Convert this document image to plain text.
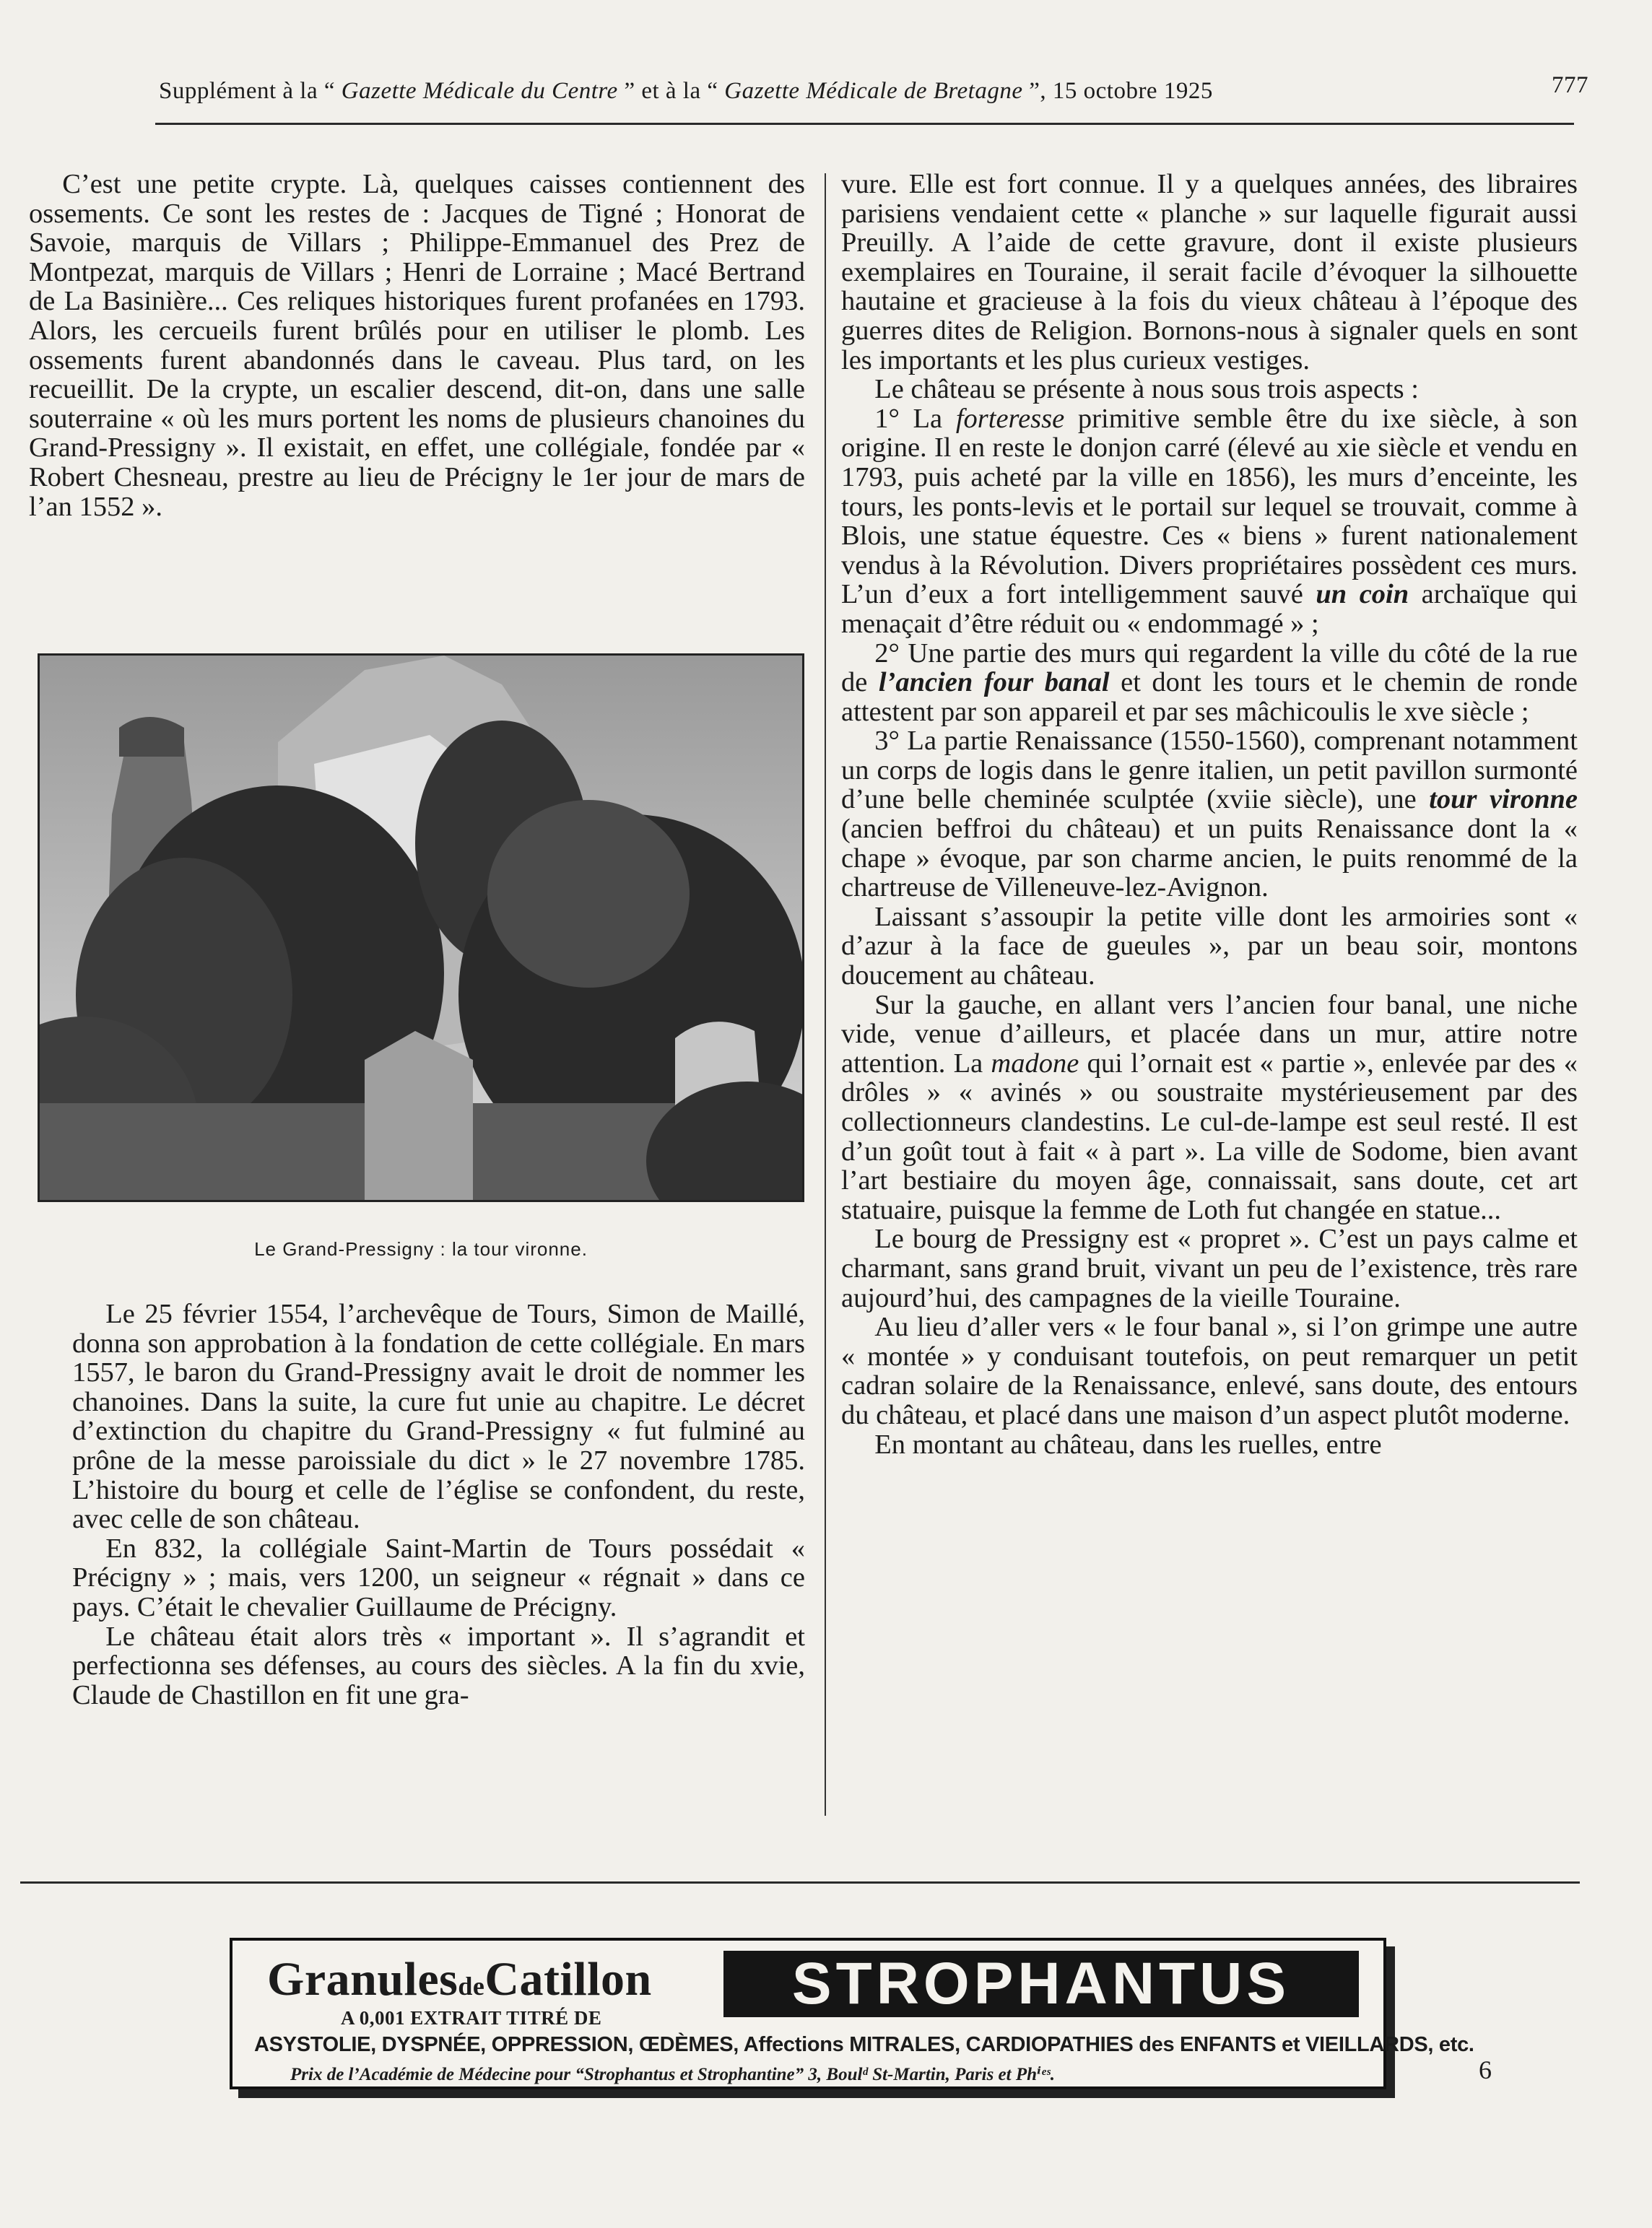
Supplément à la “ Gazette Médicale du Centre ” et à la “ Gazette Médicale de Bretagne ”, 15 octobre 1925	777

C’est une petite crypte. Là, quelques caisses contiennent des ossements. Ce sont les restes de : Jacques de Tigné ; Honorat de Savoie, marquis de Villars ; Philippe-Emmanuel des Prez de Montpezat, marquis de Villars ; Henri de Lorraine ; Macé Bertrand de La Basinière... Ces reliques historiques furent profanées en 1793. Alors, les cercueils furent brûlés pour en utiliser le plomb. Les ossements furent abandonnés dans le caveau. Plus tard, on les recueillit. De la crypte, un escalier descend, dit-on, dans une salle souterraine « où les murs portent les noms de plusieurs chanoines du Grand-Pressigny ». Il existait, en effet, une collégiale, fondée par « Robert Chesneau, prestre au lieu de Précigny le 1er jour de mars de l’an 1552 ».

Le Grand-Pressigny : la tour vironne.

Le 25 février 1554, l’archevêque de Tours, Simon de Maillé, donna son approbation à la fondation de cette collégiale. En mars 1557, le baron du Grand-Pressigny avait le droit de nommer les chanoines. Dans la suite, la cure fut unie au chapitre. Le décret d’extinction du chapitre du Grand-Pressigny « fut fulminé au prône de la messe paroissiale du dict » le 27 novembre 1785. L’histoire du bourg et celle de l’église se confondent, du reste, avec celle de son château.

En 832, la collégiale Saint-Martin de Tours possédait « Précigny » ; mais, vers 1200, un seigneur « régnait » dans ce pays. C’était le chevalier Guillaume de Précigny.

Le château était alors très « important ». Il s’agrandit et perfectionna ses défenses, au cours des siècles. A la fin du xvie, Claude de Chastillon en fit une gra-

vure. Elle est fort connue. Il y a quelques années, des libraires parisiens vendaient cette « planche » sur laquelle figurait aussi Preuilly. A l’aide de cette gravure, dont il existe plusieurs exemplaires en Touraine, il serait facile d’évoquer la silhouette hautaine et gracieuse à la fois du vieux château à l’époque des guerres dites de Religion. Bornons-nous à signaler quels en sont les importants et les plus curieux vestiges.

Le château se présente à nous sous trois aspects :

1° La forteresse primitive semble être du ixe siècle, à son origine. Il en reste le donjon carré (élevé au xie siècle et vendu en 1793, puis acheté par la ville en 1856), les murs d’enceinte, les tours, les ponts-levis et le portail sur lequel se trouvait, comme à Blois, une statue équestre. Ces « biens » furent nationalement vendus à la Révolution. Divers propriétaires possèdent ces murs. L’un d’eux a fort intelligemment sauvé un coin archaïque qui menaçait d’être réduit ou « endommagé » ;

2° Une partie des murs qui regardent la ville du côté de la rue de l’ancien four banal et dont les tours et le chemin de ronde attestent par son appareil et par ses mâchicoulis le xve siècle ;

3° La partie Renaissance (1550-1560), comprenant notamment un corps de logis dans le genre italien, un petit pavillon surmonté d’une belle cheminée sculptée (xviie siècle), une tour vironne (ancien beffroi du château) et un puits Renaissance dont la « chape » évoque, par son charme ancien, le puits renommé de la chartreuse de Villeneuve-lez-Avignon.

Laissant s’assoupir la petite ville dont les armoiries sont « d’azur à la face de gueules », par un beau soir, montons doucement au château.

Sur la gauche, en allant vers l’ancien four banal, une niche vide, venue d’ailleurs, et placée dans un mur, attire notre attention. La madone qui l’ornait est « partie », enlevée par des « drôles » « avinés » ou soustraite mystérieusement par des collectionneurs clandestins. Le cul-de-lampe est seul resté. Il est d’un goût tout à fait « à part ». La ville de Sodome, bien avant l’art bestiaire du moyen âge, connaissait, sans doute, cet art statuaire, puisque la femme de Loth fut changée en statue...

Le bourg de Pressigny est « propret ». C’est un pays calme et charmant, sans grand bruit, vivant un peu de l’existence, très rare aujourd’hui, des campagnes de la vieille Touraine.

Au lieu d’aller vers « le four banal », si l’on grimpe une autre « montée » y conduisant toutefois, on peut remarquer un petit cadran solaire de la Renaissance, enlevé, sans doute, des entours du château, et placé dans une maison d’un aspect plutôt moderne.

En montant au château, dans les ruelles, entre

GranulesdeCatillon	STROPHANTUS
A 0,001 EXTRAIT TITRÉ DE
ASYSTOLIE, DYSPNÉE, OPPRESSION, ŒDÈMES, Affections MITRALES, CARDIOPATHIES des ENFANTS et VIEILLARDS, etc.
Prix de l’Académie de Médecine pour “Strophantus et Strophantine” 3, Boulᵈ St-Martin, Paris et Phⁱᵉˢ.	6
